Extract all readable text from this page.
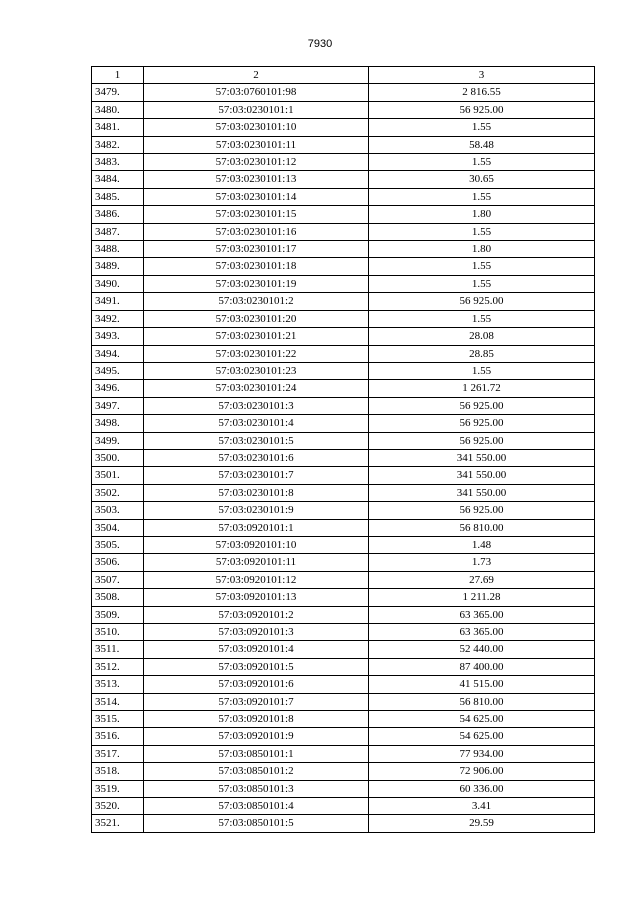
7930
1	2	3
3479.	57:03:0760101:98	2 816.55
3480.	57:03:0230101:1	56 925.00
3481.	57:03:0230101:10	1.55
3482.	57:03:0230101:11	58.48
3483.	57:03:0230101:12	1.55
3484.	57:03:0230101:13	30.65
3485.	57:03:0230101:14	1.55
3486.	57:03:0230101:15	1.80
3487.	57:03:0230101:16	1.55
3488.	57:03:0230101:17	1.80
3489.	57:03:0230101:18	1.55
3490.	57:03:0230101:19	1.55
3491.	57:03:0230101:2	56 925.00
3492.	57:03:0230101:20	1.55
3493.	57:03:0230101:21	28.08
3494.	57:03:0230101:22	28.85
3495.	57:03:0230101:23	1.55
3496.	57:03:0230101:24	1 261.72
3497.	57:03:0230101:3	56 925.00
3498.	57:03:0230101:4	56 925.00
3499.	57:03:0230101:5	56 925.00
3500.	57:03:0230101:6	341 550.00
3501.	57:03:0230101:7	341 550.00
3502.	57:03:0230101:8	341 550.00
3503.	57:03:0230101:9	56 925.00
3504.	57:03:0920101:1	56 810.00
3505.	57:03:0920101:10	1.48
3506.	57:03:0920101:11	1.73
3507.	57:03:0920101:12	27.69
3508.	57:03:0920101:13	1 211.28
3509.	57:03:0920101:2	63 365.00
3510.	57:03:0920101:3	63 365.00
3511.	57:03:0920101:4	52 440.00
3512.	57:03:0920101:5	87 400.00
3513.	57:03:0920101:6	41 515.00
3514.	57:03:0920101:7	56 810.00
3515.	57:03:0920101:8	54 625.00
3516.	57:03:0920101:9	54 625.00
3517.	57:03:0850101:1	77 934.00
3518.	57:03:0850101:2	72 906.00
3519.	57:03:0850101:3	60 336.00
3520.	57:03:0850101:4	3.41
3521.	57:03:0850101:5	29.59
